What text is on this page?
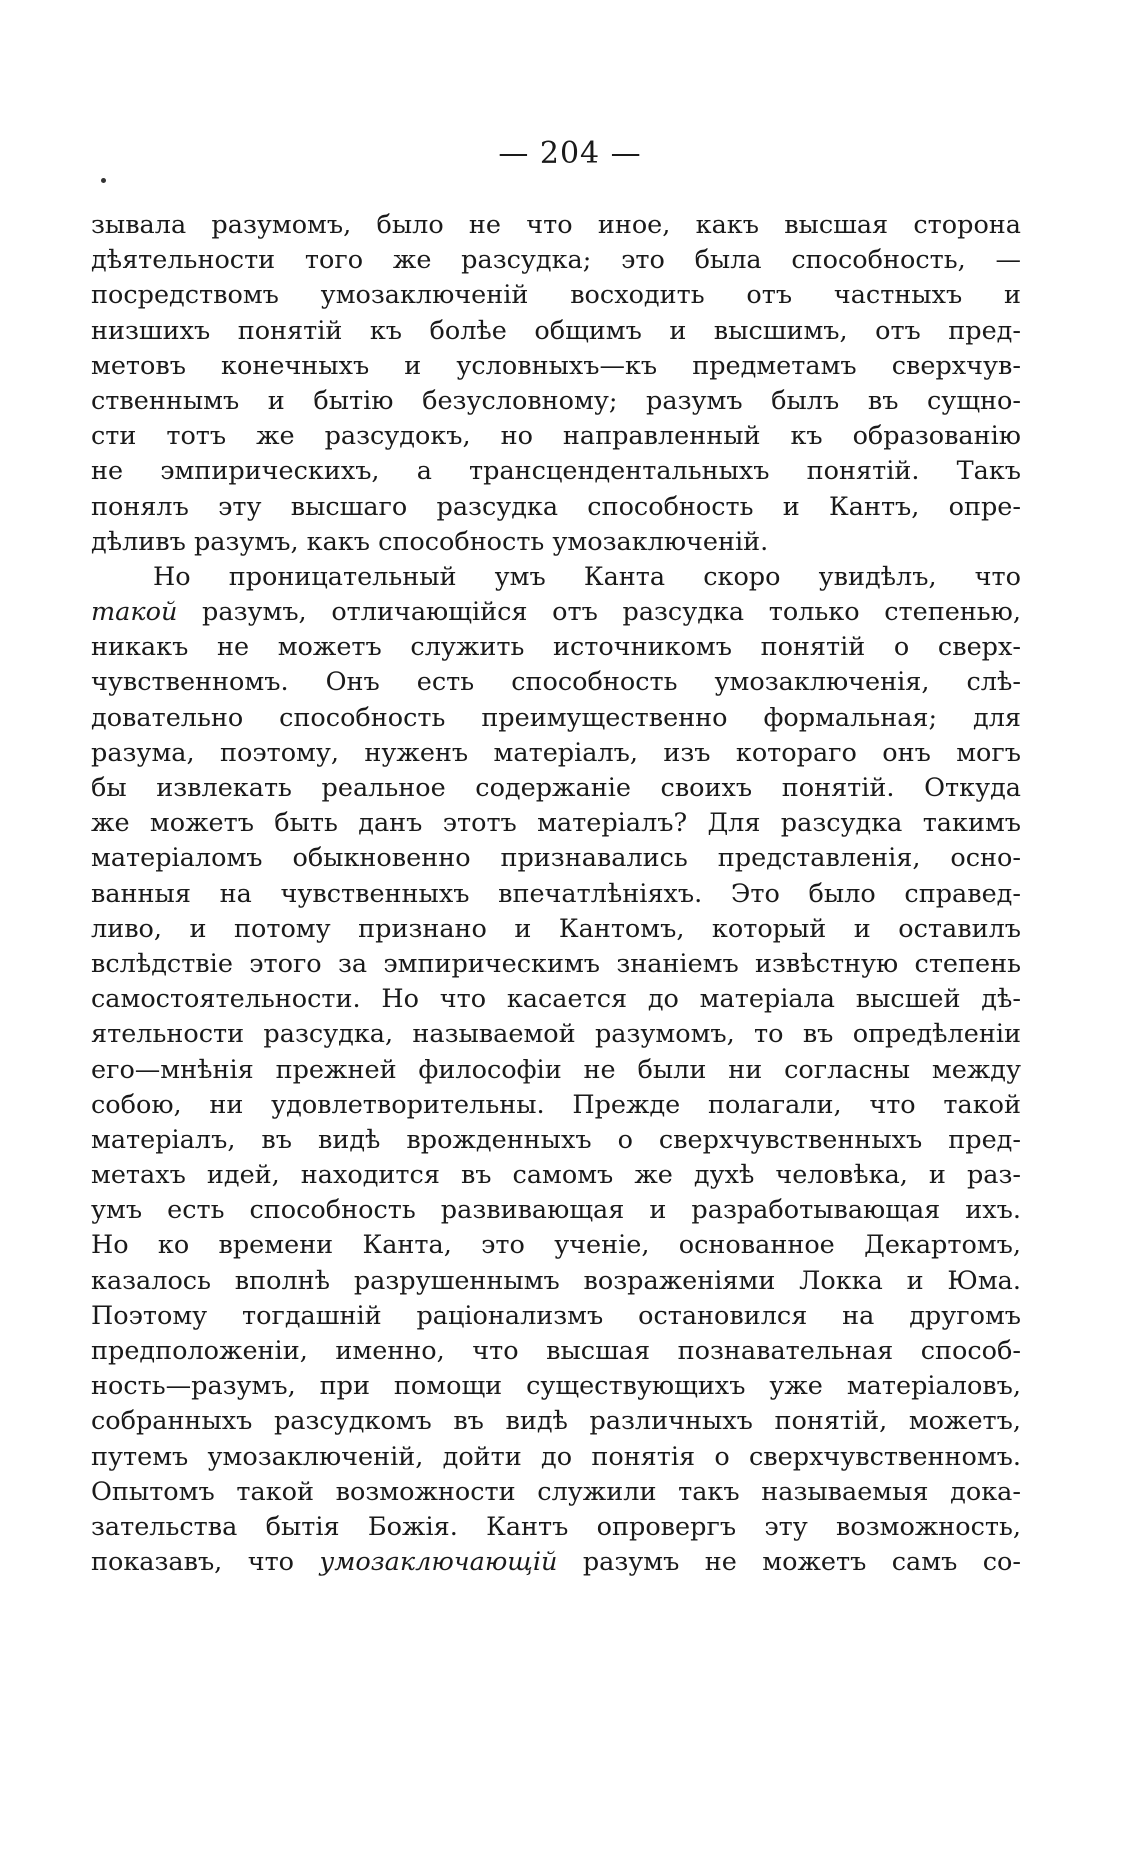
— 204 —
зывала разумомъ, было не что иное, какъ высшая сторона
дѣятельности того же разсудка; это была способность, —
посредствомъ умозаключеній восходить отъ частныхъ и
низшихъ понятій къ болѣе общимъ и высшимъ, отъ пред-
метовъ конечныхъ и условныхъ—къ предметамъ сверхчув-
ственнымъ и бытію безусловному; разумъ былъ въ сущно-
сти тотъ же разсудокъ, но направленный къ образованію
не эмпирическихъ, а трансцендентальныхъ понятій. Такъ
понялъ эту высшаго разсудка способность и Кантъ, опре-
дѣливъ разумъ, какъ способность умозаключеній.
Но проницательный умъ Канта скоро увидѣлъ, что
такой разумъ, отличающійся отъ разсудка только степенью,
никакъ не можетъ служить источникомъ понятій о сверх-
чувственномъ. Онъ есть способность умозаключенія, слѣ-
довательно способность преимущественно формальная; для
разума, поэтому, нуженъ матеріалъ, изъ котораго онъ могъ
бы извлекать реальное содержаніе своихъ понятій. Откуда
же можетъ быть данъ этотъ матеріалъ? Для разсудка такимъ
матеріаломъ обыкновенно признавались представленія, осно-
ванныя на чувственныхъ впечатлѣніяхъ. Это было справед-
ливо, и потому признано и Кантомъ, который и оставилъ
вслѣдствіе этого за эмпирическимъ знаніемъ извѣстную степень
самостоятельности. Но что касается до матеріала высшей дѣ-
ятельности разсудка, называемой разумомъ, то въ опредѣленіи
его—мнѣнія прежней философіи не были ни согласны между
собою, ни удовлетворительны. Прежде полагали, что такой
матеріалъ, въ видѣ врожденныхъ о сверхчувственныхъ пред-
метахъ идей, находится въ самомъ же духѣ человѣка, и раз-
умъ есть способность развивающая и разработывающая ихъ.
Но ко времени Канта, это ученіе, основанное Декартомъ,
казалось вполнѣ разрушеннымъ возраженіями Локка и Юма.
Поэтому тогдашній раціонализмъ остановился на другомъ
предположеніи, именно, что высшая познавательная способ-
ность—разумъ, при помощи существующихъ уже матеріаловъ,
собранныхъ разсудкомъ въ видѣ различныхъ понятій, можетъ,
путемъ умозаключеній, дойти до понятія о сверхчувственномъ.
Опытомъ такой возможности служили такъ называемыя дока-
зательства бытія Божія. Кантъ опровергъ эту возможность,
показавъ, что умозаключающій разумъ не можетъ самъ со-
